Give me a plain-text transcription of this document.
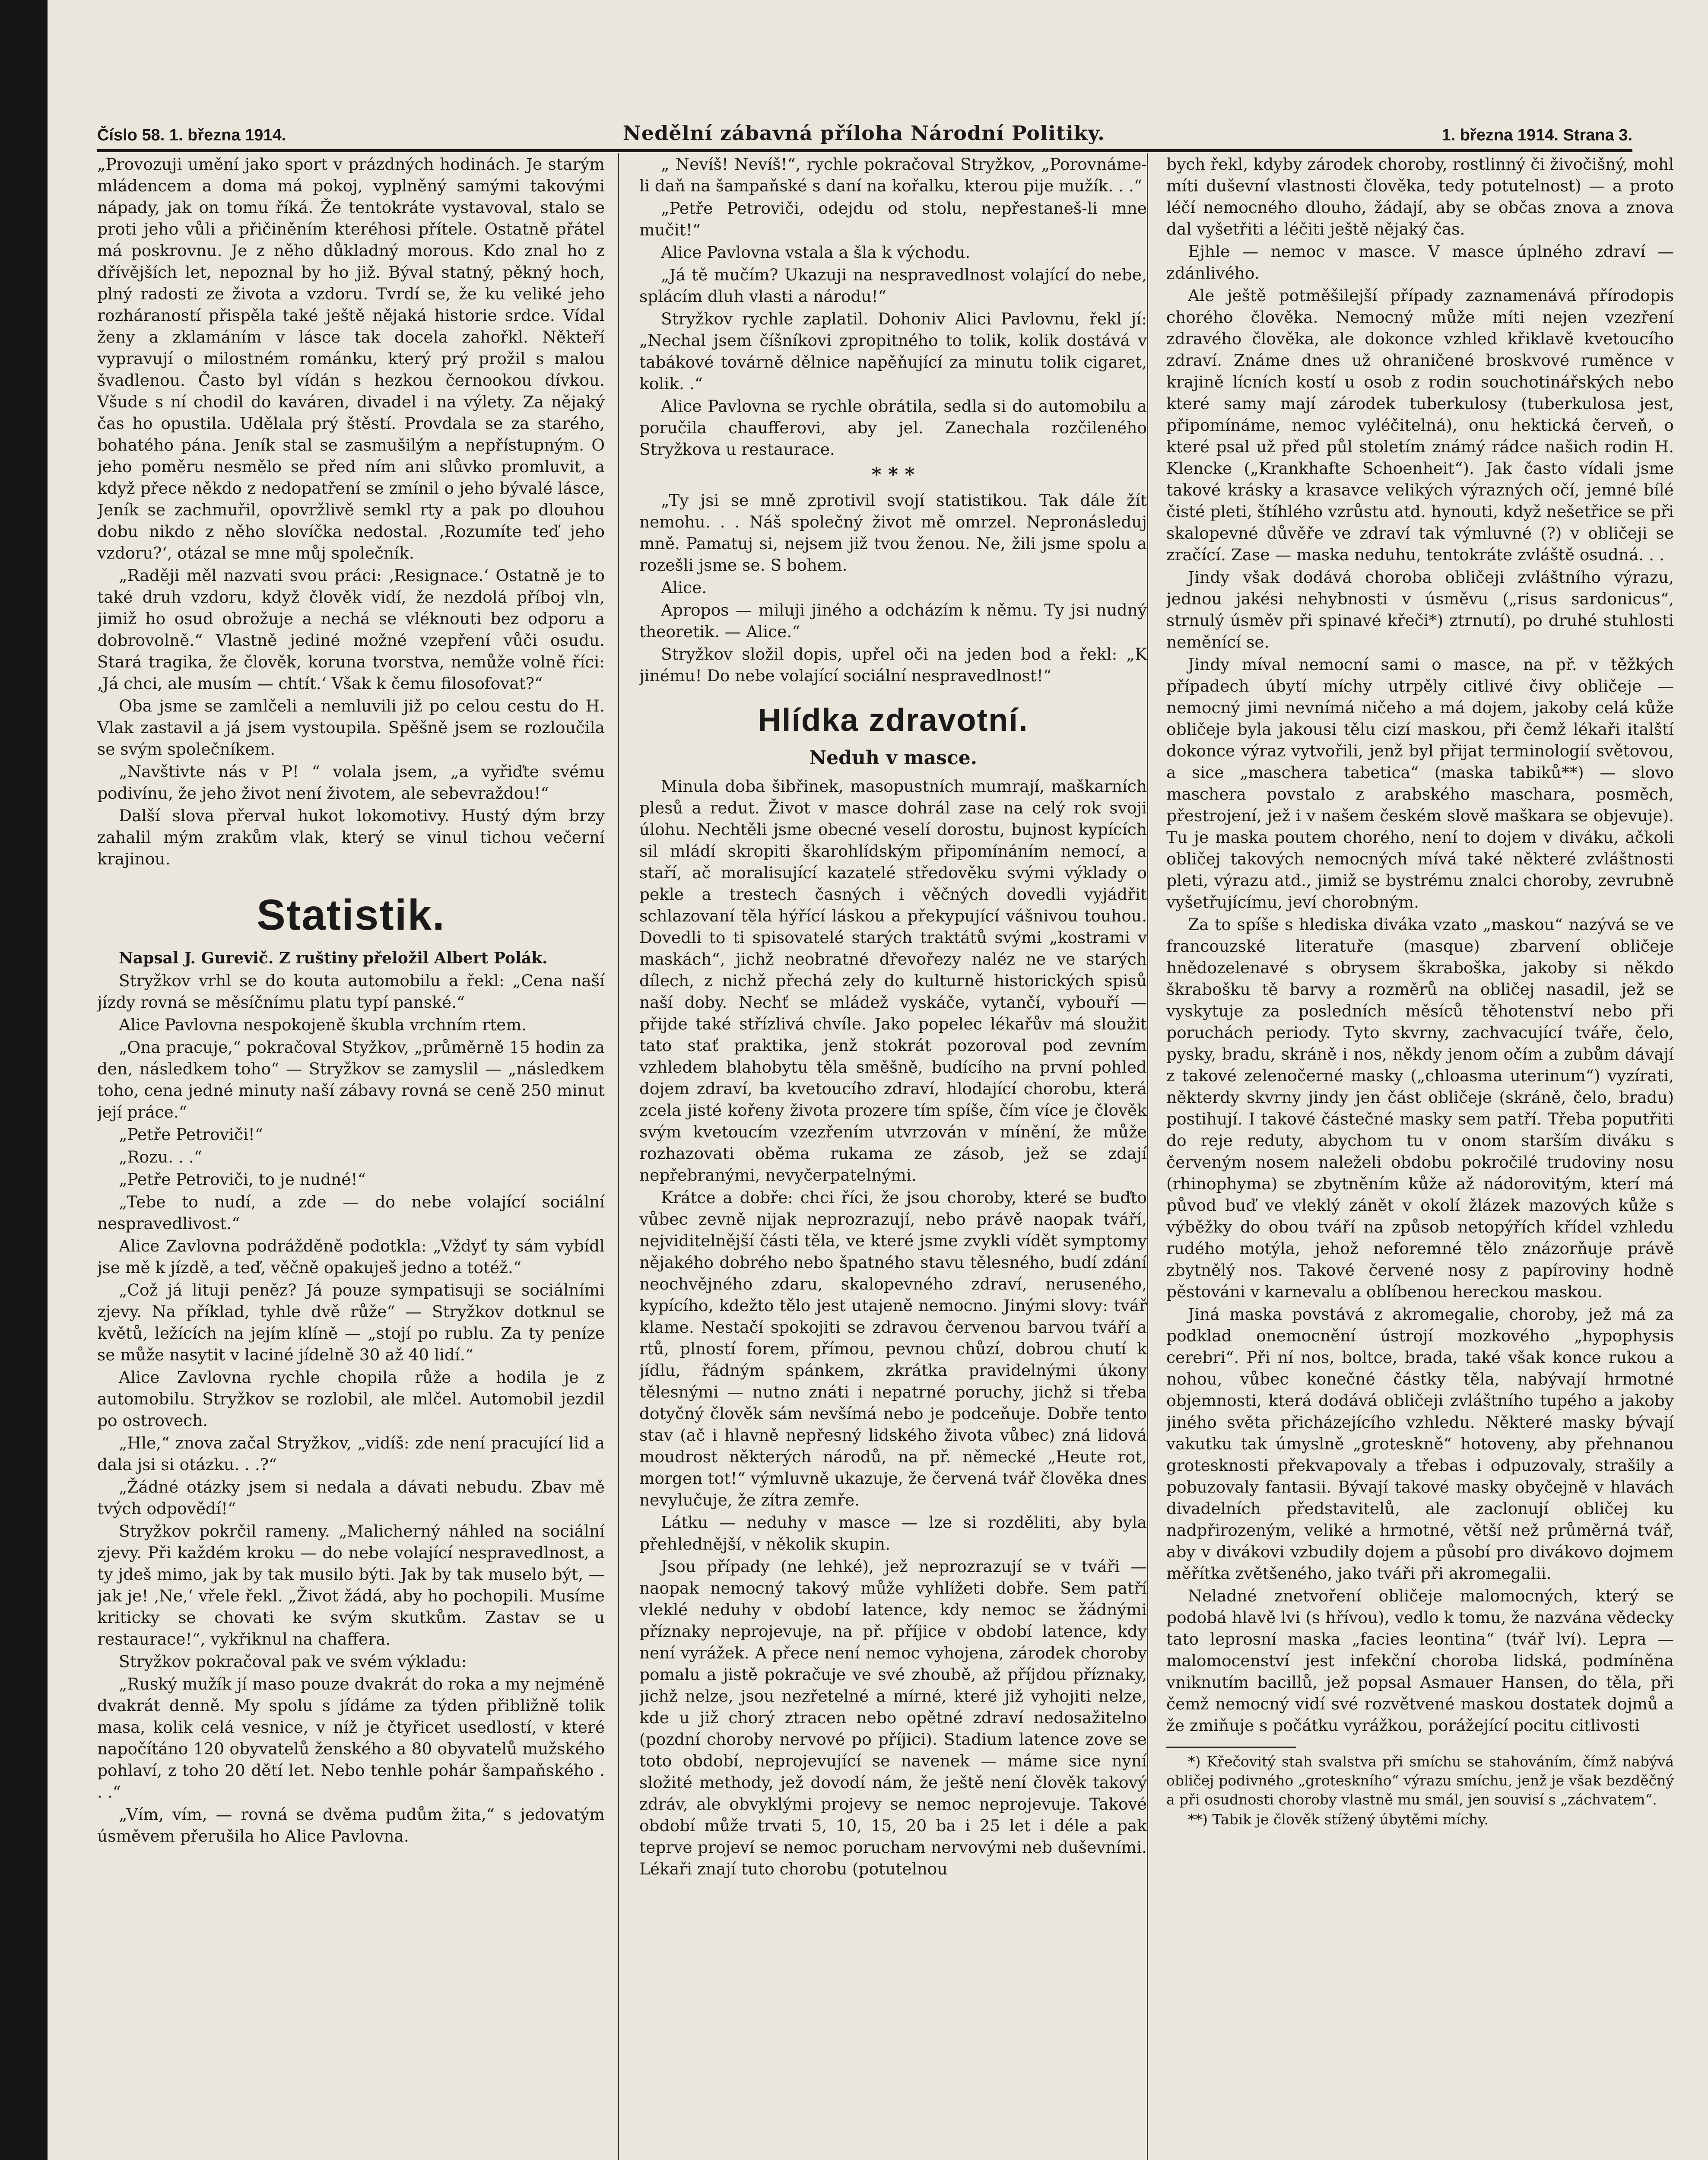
Číslo 58. 1. března 1914.	Nedělní zábavná příloha Národní Politiky.	1. března 1914. Strana 3.

„Provozuji umění jako sport v prázdných hodinách. Je starým mládencem a doma má pokoj, vyplněný samými takovými nápady, jak on tomu říká. Že tentokráte vystavoval, stalo se proti jeho vůli a přičiněním kteréhosi přítele. Ostatně přátel má poskrovnu. Je z něho důkladný morous. Kdo znal ho z dřívějších let, nepoznal by ho již. Býval statný, pěkný hoch, plný radosti ze života a vzdoru. Tvrdí se, že ku veliké jeho rozháraností přispěla také ještě nějaká historie srdce. Vídal ženy a zklamáním v lásce tak docela zahořkl. Někteří vypravují o milostném románku, který prý prožil s malou švadlenou. Často byl vídán s hezkou černookou dívkou. Všude s ní chodil do kaváren, divadel i na výlety. Za nějaký čas ho opustila. Udělala prý štěstí. Provdala se za starého, bohatého pána. Jeník stal se zasmušilým a nepřístupným. O jeho poměru nesmělo se před ním ani slůvko promluvit, a když přece někdo z nedopatření se zmínil o jeho bývalé lásce, Jeník se zachmuřil, opovržlivě semkl rty a pak po dlouhou dobu nikdo z něho slovíčka nedostal. ‚Rozumíte teď jeho vzdoru?‘, otázal se mne můj společník.

„Raději měl nazvati svou práci: ‚Resignace.‘ Ostatně je to také druh vzdoru, když člověk vidí, že nezdolá příboj vln, jimiž ho osud obrožuje a nechá se vléknouti bez odporu a dobrovolně.“ Vlastně jediné možné vzepření vůči osudu. Stará tragika, že člověk, koruna tvorstva, nemůže volně říci: ‚Já chci, ale musím — chtít.‘ Však k čemu filosofovat?“

Oba jsme se zamlčeli a nemluvili již po celou cestu do H. Vlak zastavil a já jsem vystoupila. Spěšně jsem se rozloučila se svým společníkem.

„Navštivte nás v P! “ volala jsem, „a vyřiďte svému podivínu, že jeho život není životem, ale sebevraždou!“

Další slova přerval hukot lokomotivy. Hustý dým brzy zahalil mým zrakům vlak, který se vinul tichou večerní krajinou.

Statistik.

Napsal J. Gurevič. Z ruštiny přeložil Albert Polák.

Stryžkov vrhl se do kouta automobilu a řekl: „Cena naší jízdy rovná se měsíčnímu platu typí panské.“

Alice Pavlovna nespokojeně škubla vrchním rtem.

„Ona pracuje,“ pokračoval Styžkov, „průměrně 15 hodin za den, následkem toho“ — Stryžkov se zamyslil — „následkem toho, cena jedné minuty naší zábavy rovná se ceně 250 minut její práce.“

„Petře Petroviči!“

„Rozu. . .“

„Petře Petroviči, to je nudné!“

„Tebe to nudí, a zde — do nebe volající sociální nespravedlivost.“

Alice Zavlovna podrážděně podotkla: „Vždyť ty sám vybídl jse mě k jízdě, a teď, věčně opakuješ jedno a totéž.“

„Což já lituji peněz? Já pouze sympatisuji se sociálními zjevy. Na příklad, tyhle dvě růže“ — Stryžkov dotknul se květů, ležících na jejím klíně — „stojí po rublu. Za ty peníze se může nasytit v laciné jídelně 30 až 40 lidí.“

Alice Zavlovna rychle chopila růže a hodila je z automobilu. Stryžkov se rozlobil, ale mlčel. Automobil jezdil po ostrovech.

„Hle,“ znova začal Stryžkov, „vidíš: zde není pracující lid a dala jsi si otázku. . .?“

„Žádné otázky jsem si nedala a dávati nebudu. Zbav mě tvých odpovědí!“

Stryžkov pokrčil rameny. „Malicherný náhled na sociální zjevy. Při každém kroku — do nebe volající nespravedlnost, a ty jdeš mimo, jak by tak musilo býti. Jak by tak muselo být, — jak je! ‚Ne,‘ vřele řekl. „Život žádá, aby ho pochopili. Musíme kriticky se chovati ke svým skutkům. Zastav se u restaurace!“, vykřiknul na chaffera.

Stryžkov pokračoval pak ve svém výkladu:

„Ruský mužík jí maso pouze dvakrát do roka a my nejméně dvakrát denně. My spolu s jídáme za týden přibližně tolik masa, kolik celá vesnice, v níž je čtyřicet usedlostí, v které napočítáno 120 obyvatelů ženského a 80 obyvatelů mužského pohlaví, z toho 20 dětí let. Nebo tenhle pohár šampaňského . . .“

„Vím, vím, — rovná se dvěma pudům žita,“ s jedovatým úsměvem přerušila ho Alice Pavlovna.

„ Nevíš! Nevíš!“, rychle pokračoval Stryžkov, „Porovnáme-li daň na šampaňské s daní na kořalku, kterou pije mužík. . .“

„Petře Petroviči, odejdu od stolu, nepřestaneš-li mne mučit!“

Alice Pavlovna vstala a šla k východu.

„Já tě mučím? Ukazuji na nespravedlnost volající do nebe, splácím dluh vlasti a národu!“

Stryžkov rychle zaplatil. Dohoniv Alici Pavlovnu, řekl jí: „Nechal jsem číšníkovi zpropitného to tolik, kolik dostává v tabákové továrně dělnice napěňující za minutu tolik cigaret, kolik. .“

Alice Pavlovna se rychle obrátila, sedla si do automobilu a poručila chaufferovi, aby jel. Zanechala rozčileného Stryžkova u restaurace.

* * *

„Ty jsi se mně zprotivil svojí statistikou. Tak dále žít nemohu. . . Náš společný život mě omrzel. Nepronásleduj mně. Pamatuj si, nejsem již tvou ženou. Ne, žili jsme spolu a rozešli jsme se. S bohem.

Alice.

Apropos — miluji jiného a odcházím k němu. Ty jsi nudný theoretik. — Alice.“

Stryžkov složil dopis, upřel oči na jeden bod a řekl: „K jinému! Do nebe volající sociální nespravedlnost!“

Hlídka zdravotní.
Neduh v masce.

Minula doba šibřinek, masopustních mumrají, maškarních plesů a redut. Život v masce dohrál zase na celý rok svoji úlohu. Nechtěli jsme obecné veselí dorostu, bujnost kypících sil mládí skropiti škarohlídským připomínáním nemocí, a staří, ač moralisující kazatelé středověku svými výklady o pekle a trestech časných i věčných dovedli vyjádřit schlazovaní těla hýřící láskou a překypující vášnivou touhou. Dovedli to ti spisovatelé starých traktátů svými „kostrami v maskách“, jichž neobratné dřevořezy naléz ne ve starých dílech, z nichž přechá zely do kulturně historických spisů naší doby. Nechť se mládež vyskáče, vytančí, vybouří — přijde také střízlivá chvíle. Jako popelec lékařův má sloužit tato stať praktika, jenž stokrát pozoroval pod zevním vzhledem blahobytu těla směšně, budícího na první pohled dojem zdraví, ba kvetoucího zdraví, hlodající chorobu, která zcela jisté kořeny života prozere tím spíše, čím více je člověk svým kvetoucím vzezřením utvrzován v mínění, že může rozhazovati oběma rukama ze zásob, jež se zdají nepřebranými, nevyčerpatelnými.

Krátce a dobře: chci říci, že jsou choroby, které se buďto vůbec zevně nijak neprozrazují, nebo právě naopak tváří, nejviditelnější části těla, ve které jsme zvykli vídět symptomy nějakého dobrého nebo špatného stavu tělesného, budí zdání neochvějného zdaru, skalopevného zdraví, neruseného, kypícího, kdežto tělo jest utajeně nemocno. Jinými slovy: tvář klame. Nestačí spokojiti se zdravou červenou barvou tváří a rtů, plností forem, přímou, pevnou chůzí, dobrou chutí k jídlu, řádným spánkem, zkrátka pravidelnými úkony tělesnými — nutno znáti i nepatrné poruchy, jichž si třeba dotyčný člověk sám nevšímá nebo je podceňuje. Dobře tento stav (ač i hlavně nepřesný lidského života vůbec) zná lidová moudrost některých národů, na př. německé „Heute rot, morgen tot!“ výmluvně ukazuje, že červená tvář člověka dnes nevylučuje, že zítra zemře.

Látku — neduhy v masce — lze si rozděliti, aby byla přehlednější, v několik skupin.

Jsou případy (ne lehké), jež neprozrazují se v tváři — naopak nemocný takový může vyhlížeti dobře. Sem patří vleklé neduhy v období latence, kdy nemoc se žádnými příznaky neprojevuje, na př. příjice v období latence, kdy není vyrážek. A přece není nemoc vyhojena, zárodek choroby pomalu a jistě pokračuje ve své zhoubě, až příjdou příznaky, jichž nelze, jsou nezřetelné a mírné, které již vyhojiti nelze, kde u již chorý ztracen nebo opětné zdraví nedosažitelno (pozdní choroby nervové po příjici). Stadium latence zove se toto období, neprojevující se navenek — máme sice nyní složité methody, jež dovodí nám, že ještě není člověk takový zdráv, ale obvyklými projevy se nemoc neprojevuje. Takové období může trvati 5, 10, 15, 20 ba i 25 let i déle a pak teprve projeví se nemoc porucham nervovými neb duševními. Lékaři znají tuto chorobu (potutelnou

bych řekl, kdyby zárodek choroby, rostlinný či živočišný, mohl míti duševní vlastnosti člověka, tedy potutelnost) — a proto léčí nemocného dlouho, žádají, aby se občas znova a znova dal vyšetřiti a léčiti ještě nějaký čas.

Ejhle — nemoc v masce. V masce úplného zdraví — zdánlivého.

Ale ještě potměšilejší případy zaznamenává přírodopis chorého člověka. Nemocný může míti nejen vzezření zdravého člověka, ale dokonce vzhled křiklavě kvetoucího zdraví. Známe dnes už ohraničené broskvové ruměnce v krajině lícních kostí u osob z rodin souchotinářských nebo které samy mají zárodek tuberkulosy (tuberkulosa jest, připomínáme, nemoc vyléčitelná), onu hektická červeň, o které psal už před půl stoletím známý rádce našich rodin H. Klencke („Krankhafte Schoenheit“). Jak často vídali jsme takové krásky a krasavce velikých výrazných očí, jemné bílé čisté pleti, štíhlého vzrůstu atd. hynouti, když nešetřice se při skalopevné důvěře ve zdraví tak výmluvné (?) v obličeji se zračící. Zase — maska neduhu, tentokráte zvláště osudná. . .

Jindy však dodává choroba obličeji zvláštního výrazu, jednou jakési nehybnosti v úsměvu („risus sardonicus“, strnulý úsměv při spinavé křeči*) ztrnutí), po druhé stuhlosti neměnící se.

Jindy míval nemocní sami o masce, na př. v těžkých případech úbytí míchy utrpěly citlivé čivy obličeje — nemocný jimi nevnímá ničeho a má dojem, jakoby celá kůže obličeje byla jakousi tělu cizí maskou, při čemž lékaři italští dokonce výraz vytvořili, jenž byl přijat terminologií světovou, a sice „maschera tabetica“ (maska tabiků**) — slovo maschera povstalo z arabského maschara, posměch, přestrojení, jež i v našem českém slově maškara se objevuje). Tu je maska poutem chorého, není to dojem v diváku, ačkoli obličej takových nemocných mívá také některé zvláštnosti pleti, výrazu atd., jimiž se bystrému znalci choroby, zevrubně vyšetřujícímu, jeví chorobným.

Za to spíše s hlediska diváka vzato „maskou“ nazývá se ve francouzské literatuře (masque) zbarvení obličeje hnědozelenavé s obrysem škraboška, jakoby si někdo škrabošku tě barvy a rozměrů na obličej nasadil, jež se vyskytuje za posledních měsíců těhotenství nebo při poruchách periody. Tyto skvrny, zachvacující tváře, čelo, pysky, bradu, skráně i nos, někdy jenom očím a zubům dávají z takové zelenočerné masky („chloasma uterinum“) vyzírati, některdy skvrny jindy jen část obličeje (skráně, čelo, bradu) postihují. I takové částečné masky sem patří. Třeba poputřiti do reje reduty, abychom tu v onom starším diváku s červeným nosem naleželi obdobu pokročilé trudoviny nosu (rhinophyma) se zbytněním kůže až nádorovitým, kterí má původ buď ve vleklý zánět v okolí žlázek mazových kůže s výběžky do obou tváří na způsob netopýřích křídel vzhledu rudého motýla, jehož neforemné tělo znázorňuje právě zbytnělý nos. Takové červené nosy z papíroviny hodně pěstováni v karnevalu a oblíbenou hereckou maskou.

Jiná maska povstává z akromegalie, choroby, jež má za podklad onemocnění ústrojí mozkového „hypophysis cerebri“. Při ní nos, boltce, brada, také však konce rukou a nohou, vůbec konečné částky těla, nabývají hrmotné objemnosti, která dodává obličeji zvláštního tupého a jakoby jiného světa přicházejícího vzhledu. Některé masky bývají vakutku tak úmyslně „groteskně“ hotoveny, aby přehnanou grotesknosti překvapovaly a třebas i odpuzovaly, strašily a pobuzovaly fantasii. Bývají takové masky obyčejně v hlavách divadelních představitelů, ale zaclonují obličej ku nadpřirozeným, veliké a hrmotné, větší než průměrná tvář, aby v divákovi vzbudily dojem a působí pro divákovo dojmem měřítka zvětšeného, jako tváři při akromegalii.

Neladné znetvoření obličeje malomocných, který se podobá hlavě lvi (s hřívou), vedlo k tomu, že nazvána vědecky tato leprosní maska „facies leontina“ (tvář lví). Lepra — malomocenství jest infekční choroba lidská, podmíněna vniknutím bacillů, jež popsal Asmauer Hansen, do těla, při čemž nemocný vidí své rozvětvené maskou dostatek dojmů a že zmiňuje s počátku vyrážkou, porážející pocitu citlivosti

*) Křečovitý stah svalstva při smíchu se stahováním, čímž nabývá obličej podivného „groteskního“ výrazu smíchu, jenž je však bezděčný a při osudnosti choroby vlastně mu smál, jen souvisí s „záchvatem“.

**) Tabik je člověk stížený úbytěmi míchy.
